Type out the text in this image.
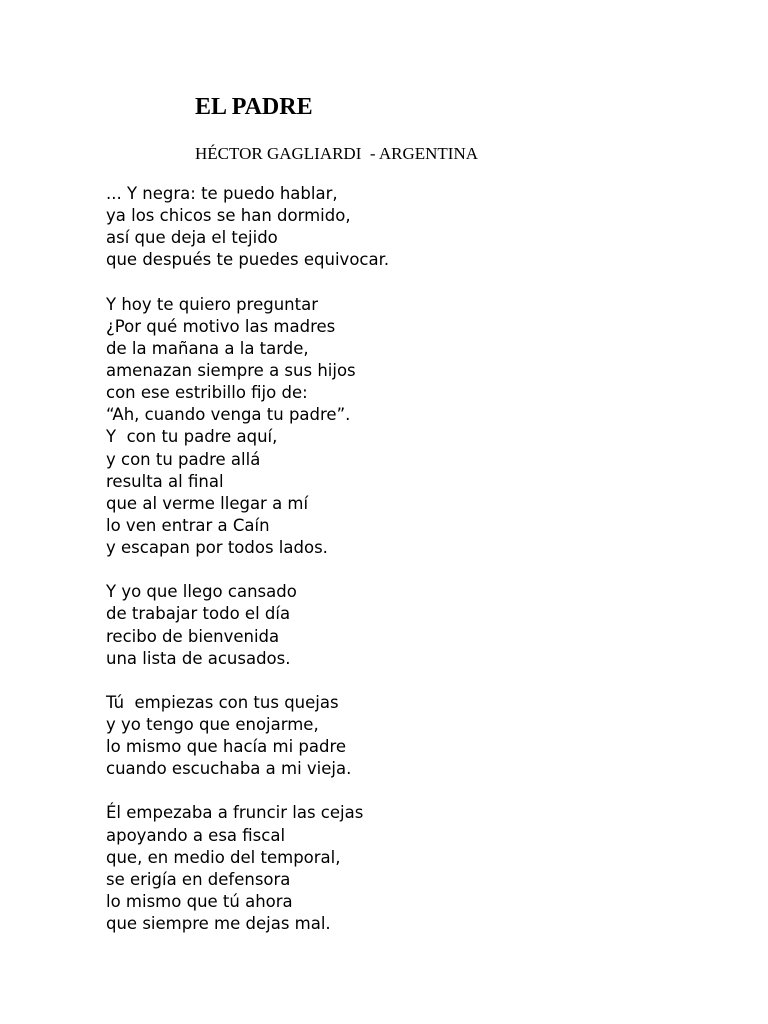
EL PADRE

HÉCTOR GAGLIARDI  - ARGENTINA

... Y negra: te puedo hablar,
ya los chicos se han dormido,
así que deja el tejido
que después te puedes equivocar.
Y hoy te quiero preguntar
¿Por qué motivo las madres
de la mañana a la tarde,
amenazan siempre a sus hijos
con ese estribillo fijo de:
“Ah, cuando venga tu padre”.
Y  con tu padre aquí,
y con tu padre allá
resulta al final
que al verme llegar a mí
lo ven entrar a Caín
y escapan por todos lados.
Y yo que llego cansado
de trabajar todo el día
recibo de bienvenida
una lista de acusados.
Tú  empiezas con tus quejas
y yo tengo que enojarme,
lo mismo que hacía mi padre
cuando escuchaba a mi vieja.
Él empezaba a fruncir las cejas
apoyando a esa fiscal
que, en medio del temporal,
se erigía en defensora
lo mismo que tú ahora
que siempre me dejas mal.
